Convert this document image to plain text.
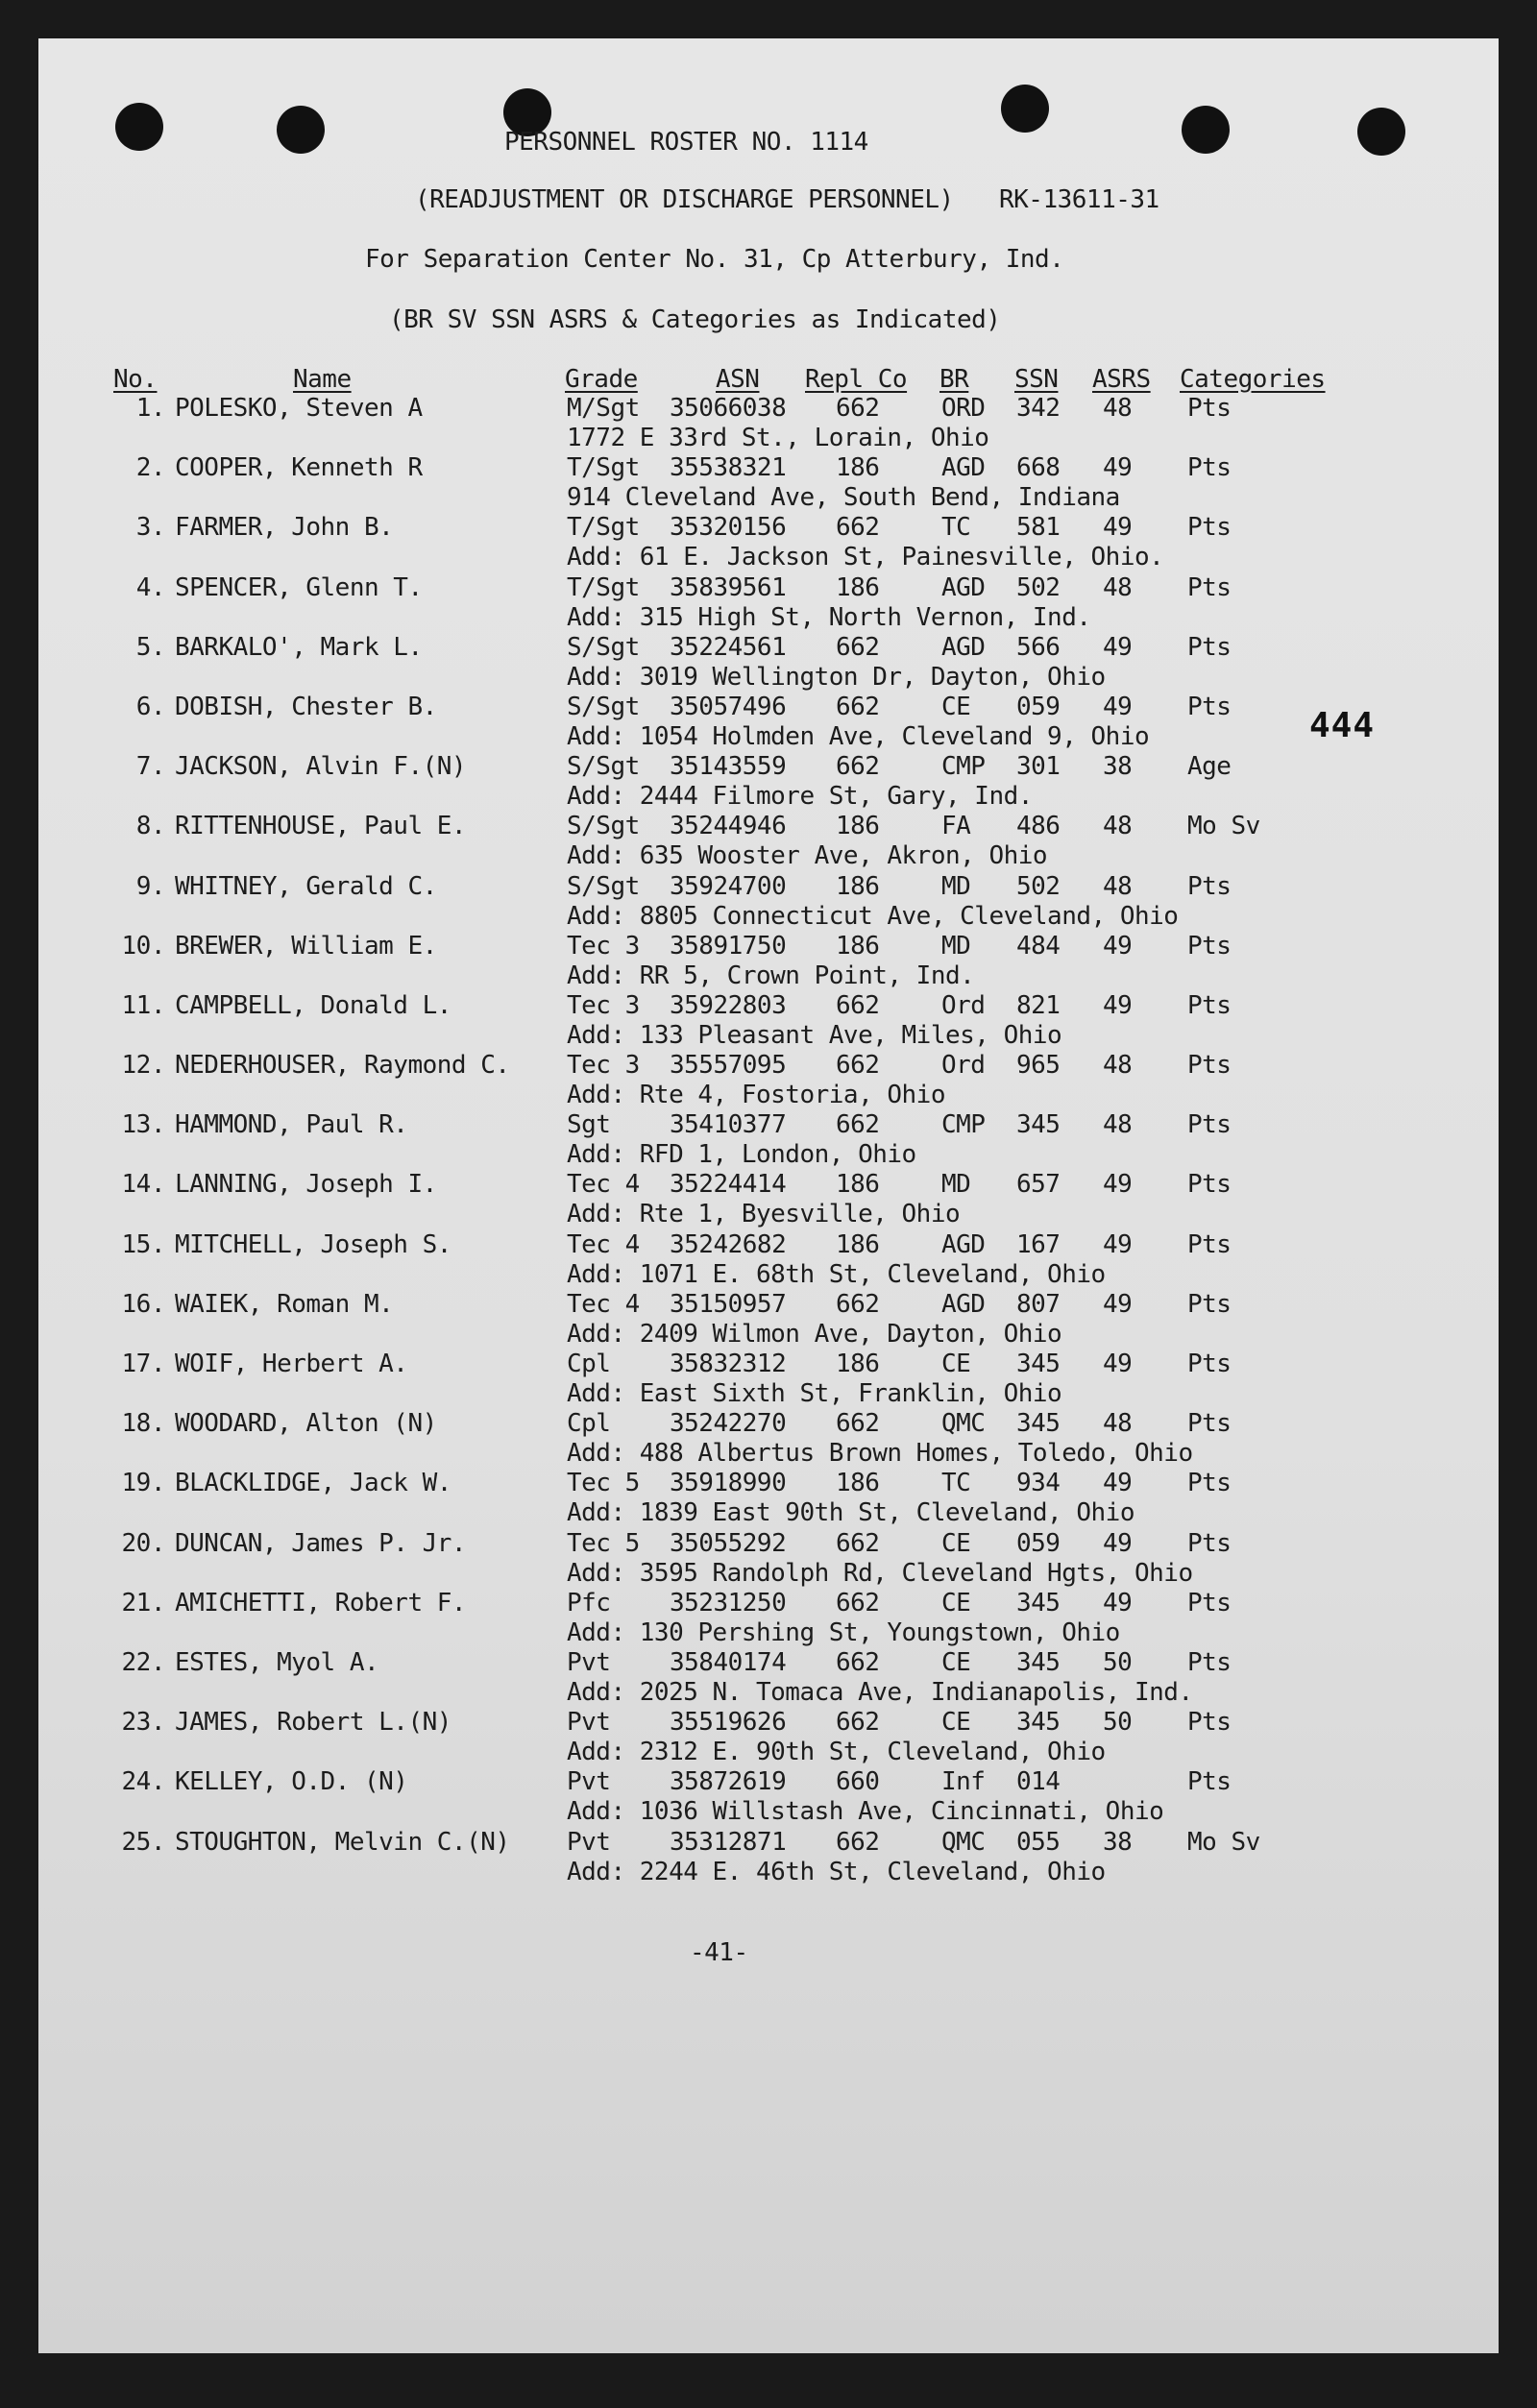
PERSONNEL ROSTER NO. 1114
(READJUSTMENT OR DISCHARGE PERSONNEL) RK-13611-31
For Separation Center No. 31, Cp Atterbury, Ind.
(BR SV SSN ASRS & Categories as Indicated)
No.	Name	Grade	ASN Repl Co BR SSN ASRS Categories
1. POLESKO, Steven A	M/Sgt 35066038 662 ORD 342 48 Pts
1772 E 33rd St., Lorain, Ohio
2. COOPER, Kenneth R	T/Sgt 35538321 186 AGD 668 49 Pts
914 Cleveland Ave, South Bend, Indiana
3. FARMER, John B.	T/Sgt 35320156 662 TC 581 49 Pts
Add: 61 E. Jackson St, Painesville, Ohio.
4. SPENCER, Glenn T.	T/Sgt 35839561 186 AGD 502 48 Pts
Add: 315 High St, North Vernon, Ind.
5. BARKALO', Mark L.	S/Sgt 35224561 662 AGD 566 49 Pts
Add: 3019 Wellington Dr, Dayton, Ohio
6. DOBISH, Chester B.	S/Sgt 35057496 662 CE 059 49 Pts
Add: 1054 Holmden Ave, Cleveland 9, Ohio
7. JACKSON, Alvin F.(N)	S/Sgt 35143559 662 CMP 301 38 Age
Add: 2444 Filmore St, Gary, Ind.
8. RITTENHOUSE, Paul E.	S/Sgt 35244946 186 FA 486 48 Mo Sv
Add: 635 Wooster Ave, Akron, Ohio
9. WHITNEY, Gerald C.	S/Sgt 35924700 186 MD 502 48 Pts
Add: 8805 Connecticut Ave, Cleveland, Ohio
10. BREWER, William E.	Tec 3 35891750 186 MD 484 49 Pts
Add: RR 5, Crown Point, Ind.
11. CAMPBELL, Donald L.	Tec 3 35922803 662 Ord 821 49 Pts
Add: 133 Pleasant Ave, Miles, Ohio
12. NEDERHOUSER, Raymond C. Tec 3 35557095 662 Ord 965 48 Pts
Add: Rte 4, Fostoria, Ohio
13. HAMMOND, Paul R.	Sgt 35410377 662 CMP 345 48 Pts
Add: RFD 1, London, Ohio
14. LANNING, Joseph I.	Tec 4 35224414 186 MD 657 49 Pts
Add: Rte 1, Byesville, Ohio
15. MITCHELL, Joseph S.	Tec 4 35242682 186 AGD 167 49 Pts
Add: 1071 E. 68th St, Cleveland, Ohio
16. WAIEK, Roman M.	Tec 4 35150957 662 AGD 807 49 Pts
Add: 2409 Wilmon Ave, Dayton, Ohio
17. WOIF, Herbert A.	Cpl 35832312 186 CE 345 49 Pts
Add: East Sixth St, Franklin, Ohio
18. WOODARD, Alton (N)	Cpl 35242270 662 QMC 345 48 Pts
Add: 488 Albertus Brown Homes, Toledo, Ohio
19. BLACKLIDGE, Jack W.	Tec 5 35918990 186 TC 934 49 Pts
Add: 1839 East 90th St, Cleveland, Ohio
20. DUNCAN, James P. Jr.	Tec 5 35055292 662 CE 059 49 Pts
Add: 3595 Randolph Rd, Cleveland Hgts, Ohio
21. AMICHETTI, Robert F.	Pfc 35231250 662 CE 345 49 Pts
Add: 130 Pershing St, Youngstown, Ohio
22. ESTES, Myol A.	Pvt 35840174 662 CE 345 50 Pts
Add: 2025 N. Tomaca Ave, Indianapolis, Ind.
23. JAMES, Robert L.(N)	Pvt 35519626 662 CE 345 50 Pts
Add: 2312 E. 90th St, Cleveland, Ohio
24. KELLEY, O.D. (N)	Pvt 35872619 660 Inf 014	Pts
Add: 1036 Willstash Ave, Cincinnati, Ohio
25. STOUGHTON, Melvin C.(N) Pvt 35312871 662 QMC 055 38 Mo Sv
Add: 2244 E. 46th St, Cleveland, Ohio
444
-41-
